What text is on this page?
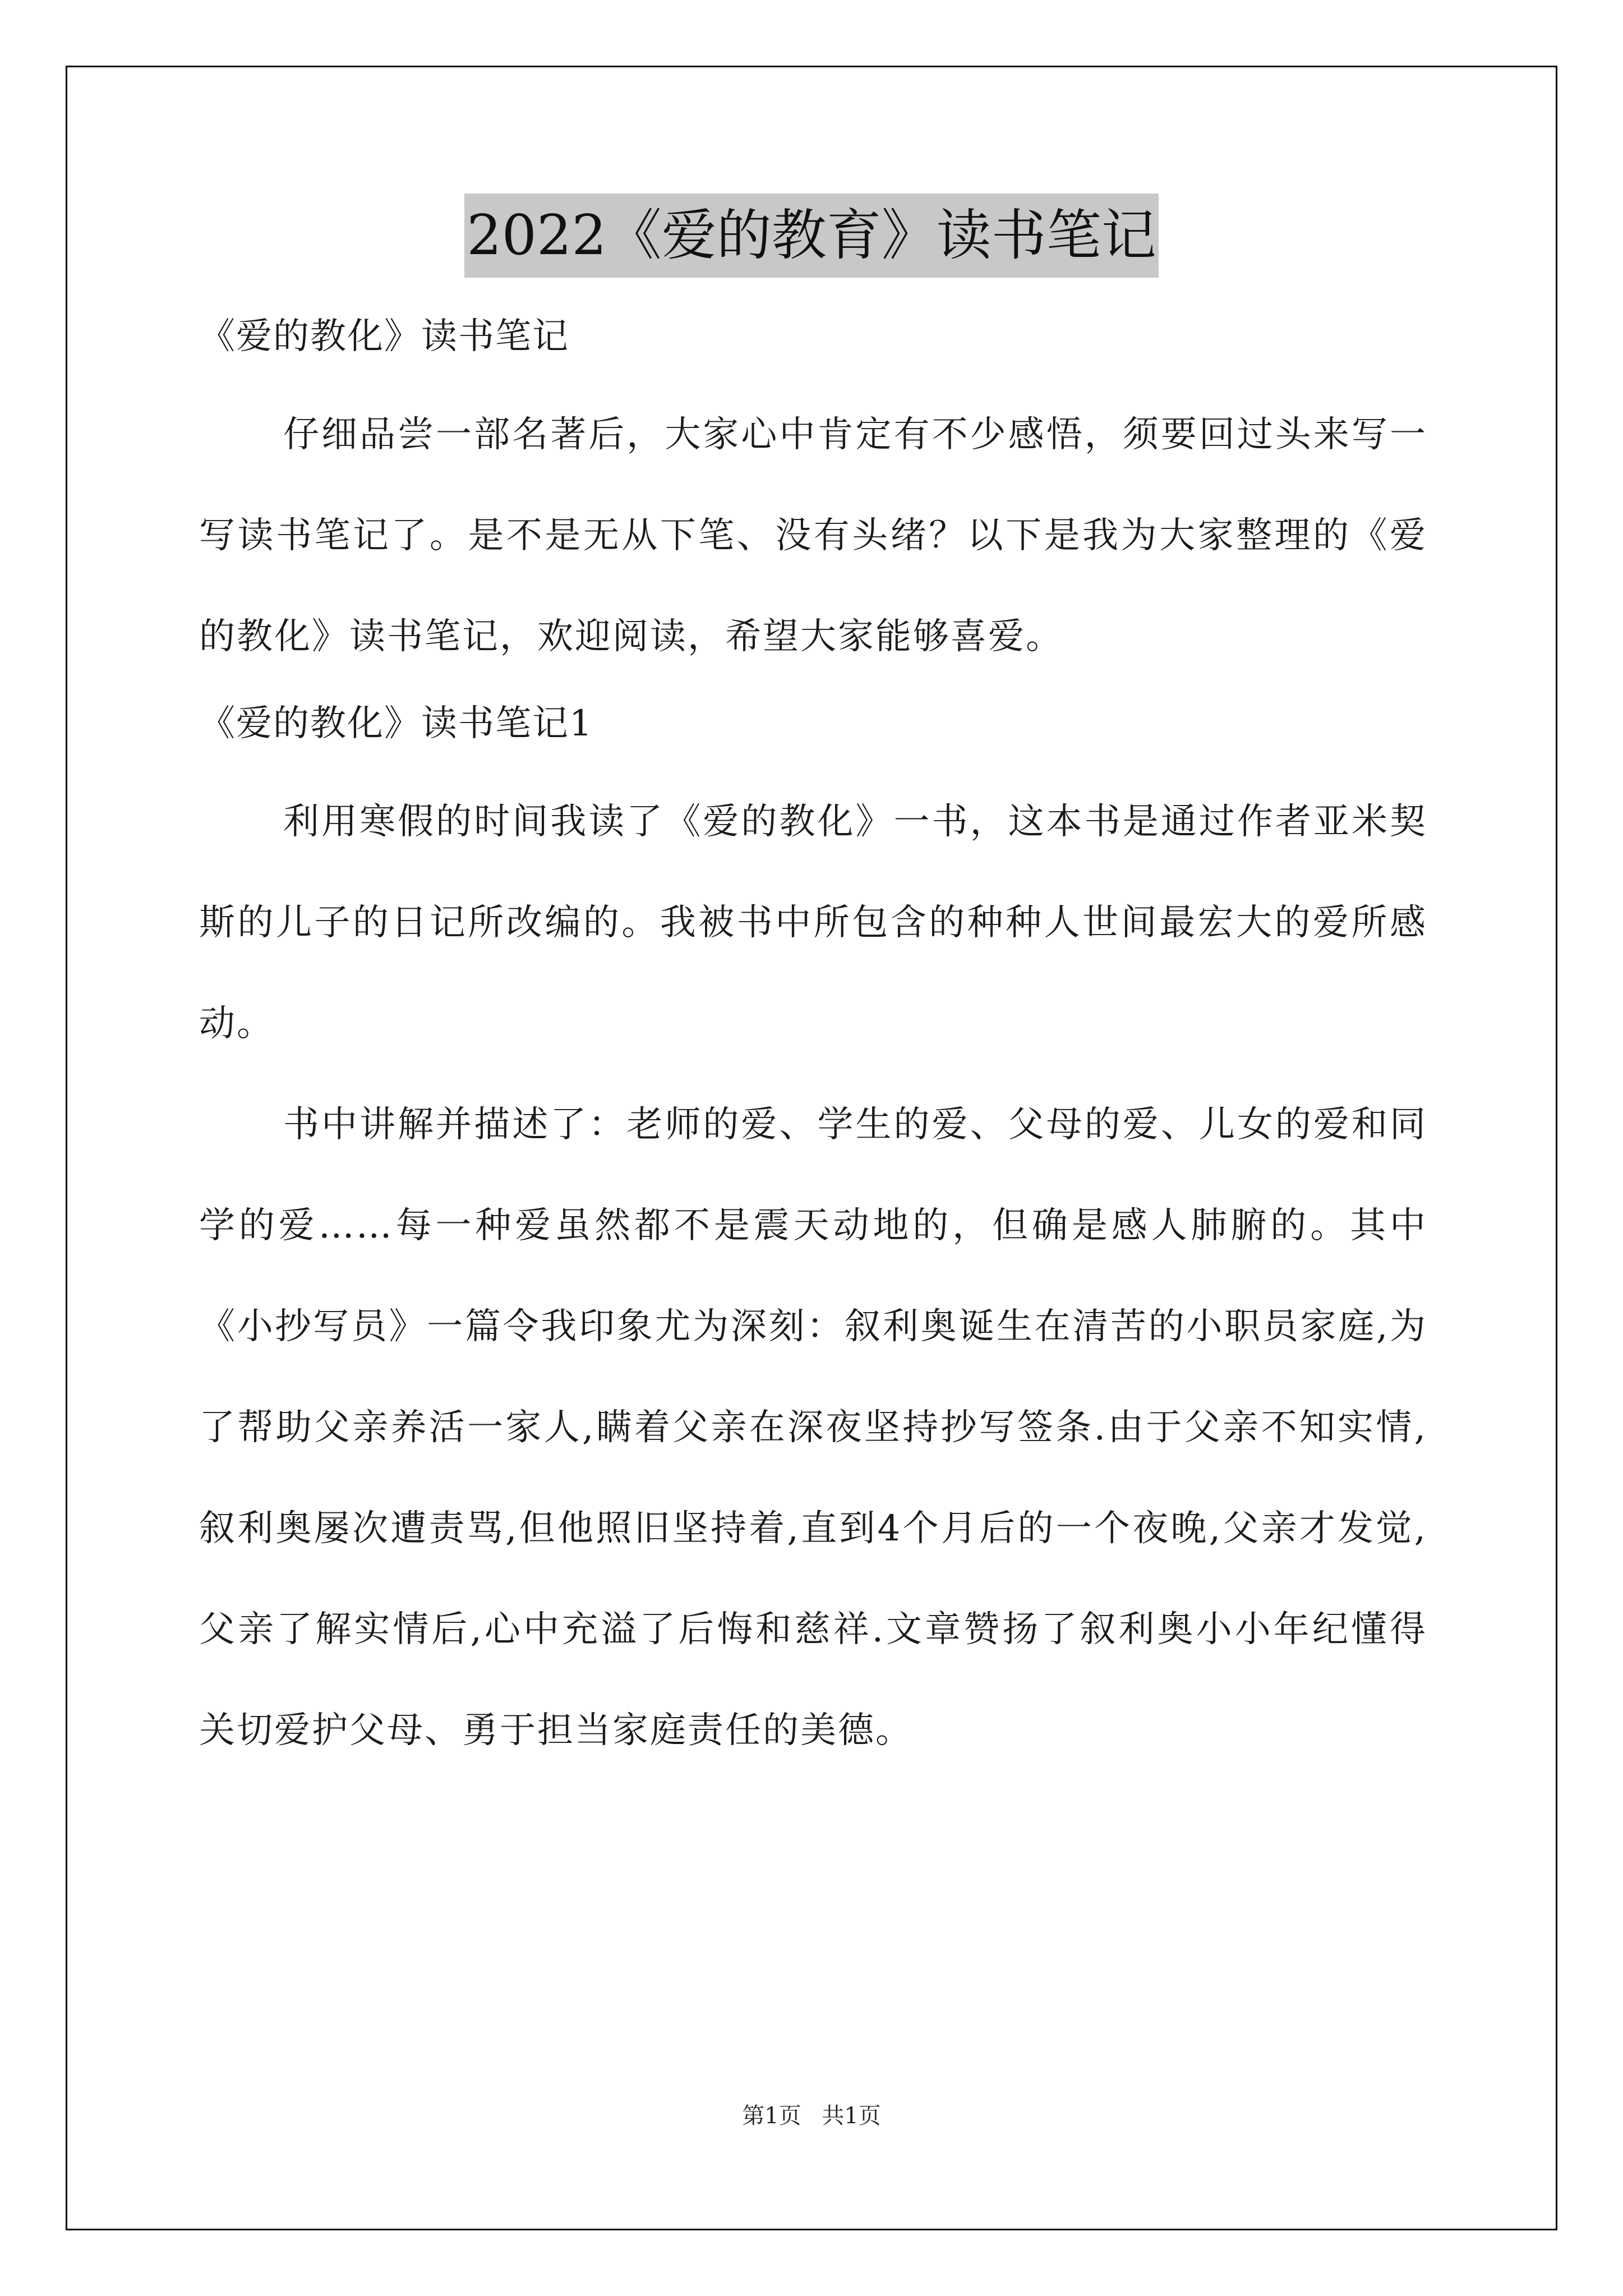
2022《爱的教育》读书笔记

《爱的教化》读书笔记

仔细品尝一部名著后，大家心中肯定有不少感悟，须要回过头来写一写读书笔记了。是不是无从下笔、没有头绪？以下是我为大家整理的《爱的教化》读书笔记，欢迎阅读，希望大家能够喜爱。

《爱的教化》读书笔记1

利用寒假的时间我读了《爱的教化》一书，这本书是通过作者亚米契斯的儿子的日记所改编的。我被书中所包含的种种人世间最宏大的爱所感动。

书中讲解并描述了：老师的爱、学生的爱、父母的爱、儿女的爱和同学的爱……每一种爱虽然都不是震天动地的，但确是感人肺腑的。其中《小抄写员》一篇令我印象尤为深刻：叙利奥诞生在清苦的小职员家庭,为了帮助父亲养活一家人,瞒着父亲在深夜坚持抄写签条.由于父亲不知实情,叙利奥屡次遭责骂,但他照旧坚持着,直到4个月后的一个夜晚,父亲才发觉,父亲了解实情后,心中充溢了后悔和慈祥.文章赞扬了叙利奥小小年纪懂得关切爱护父母、勇于担当家庭责任的美德。

第1页 共1页
